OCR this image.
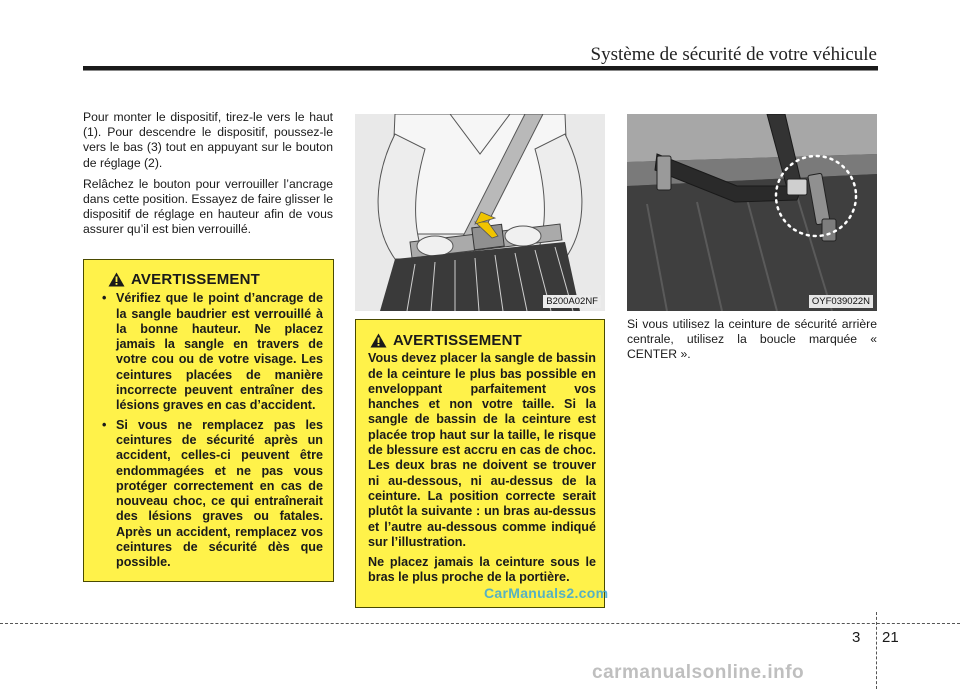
Système de sécurité de votre véhicule

Pour monter le dispositif, tirez-le vers le haut (1). Pour descendre le dispositif, poussez-le vers le bas (3) tout en appuyant sur le bouton de réglage (2).

Relâchez le bouton pour verrouiller l’ancrage dans cette position. Essayez de faire glisser le dispositif de réglage en hauteur afin de vous assurer qu’il est bien verrouillé.

AVERTISSEMENT
• Vérifiez que le point d’ancrage de la sangle baudrier est verrouillé à la bonne hauteur. Ne placez jamais la sangle en travers de votre cou ou de votre visage. Les ceintures placées de manière incorrecte peuvent entraîner des lésions graves en cas d’accident.
• Si vous ne remplacez pas les ceintures de sécurité après un accident, celles-ci peuvent être endommagées et ne pas vous protéger correctement en cas de nouveau choc, ce qui entraînerait des lésions graves ou fatales. Après un accident, remplacez vos ceintures de sécurité dès que possible.
B200A02NF	OYF039022N
AVERTISSEMENT

Vous devez placer la sangle de bassin de la ceinture le plus bas possible en enveloppant parfaitement vos hanches et non votre taille. Si la sangle de bassin de la ceinture est placée trop haut sur la taille, le risque de blessure est accru en cas de choc. Les deux bras ne doivent se trouver ni au-dessous, ni au-dessus de la ceinture. La position correcte serait plutôt la suivante : un bras au-dessus et l’autre au-dessous comme indiqué sur l’illustration.

Ne placez jamais la ceinture sous le bras le plus proche de la portière.

Si vous utilisez la ceinture de sécurité arrière centrale, utilisez la boucle marquée « CENTER ».
CarManuals2.com
3 21
carmanualsonline.info
